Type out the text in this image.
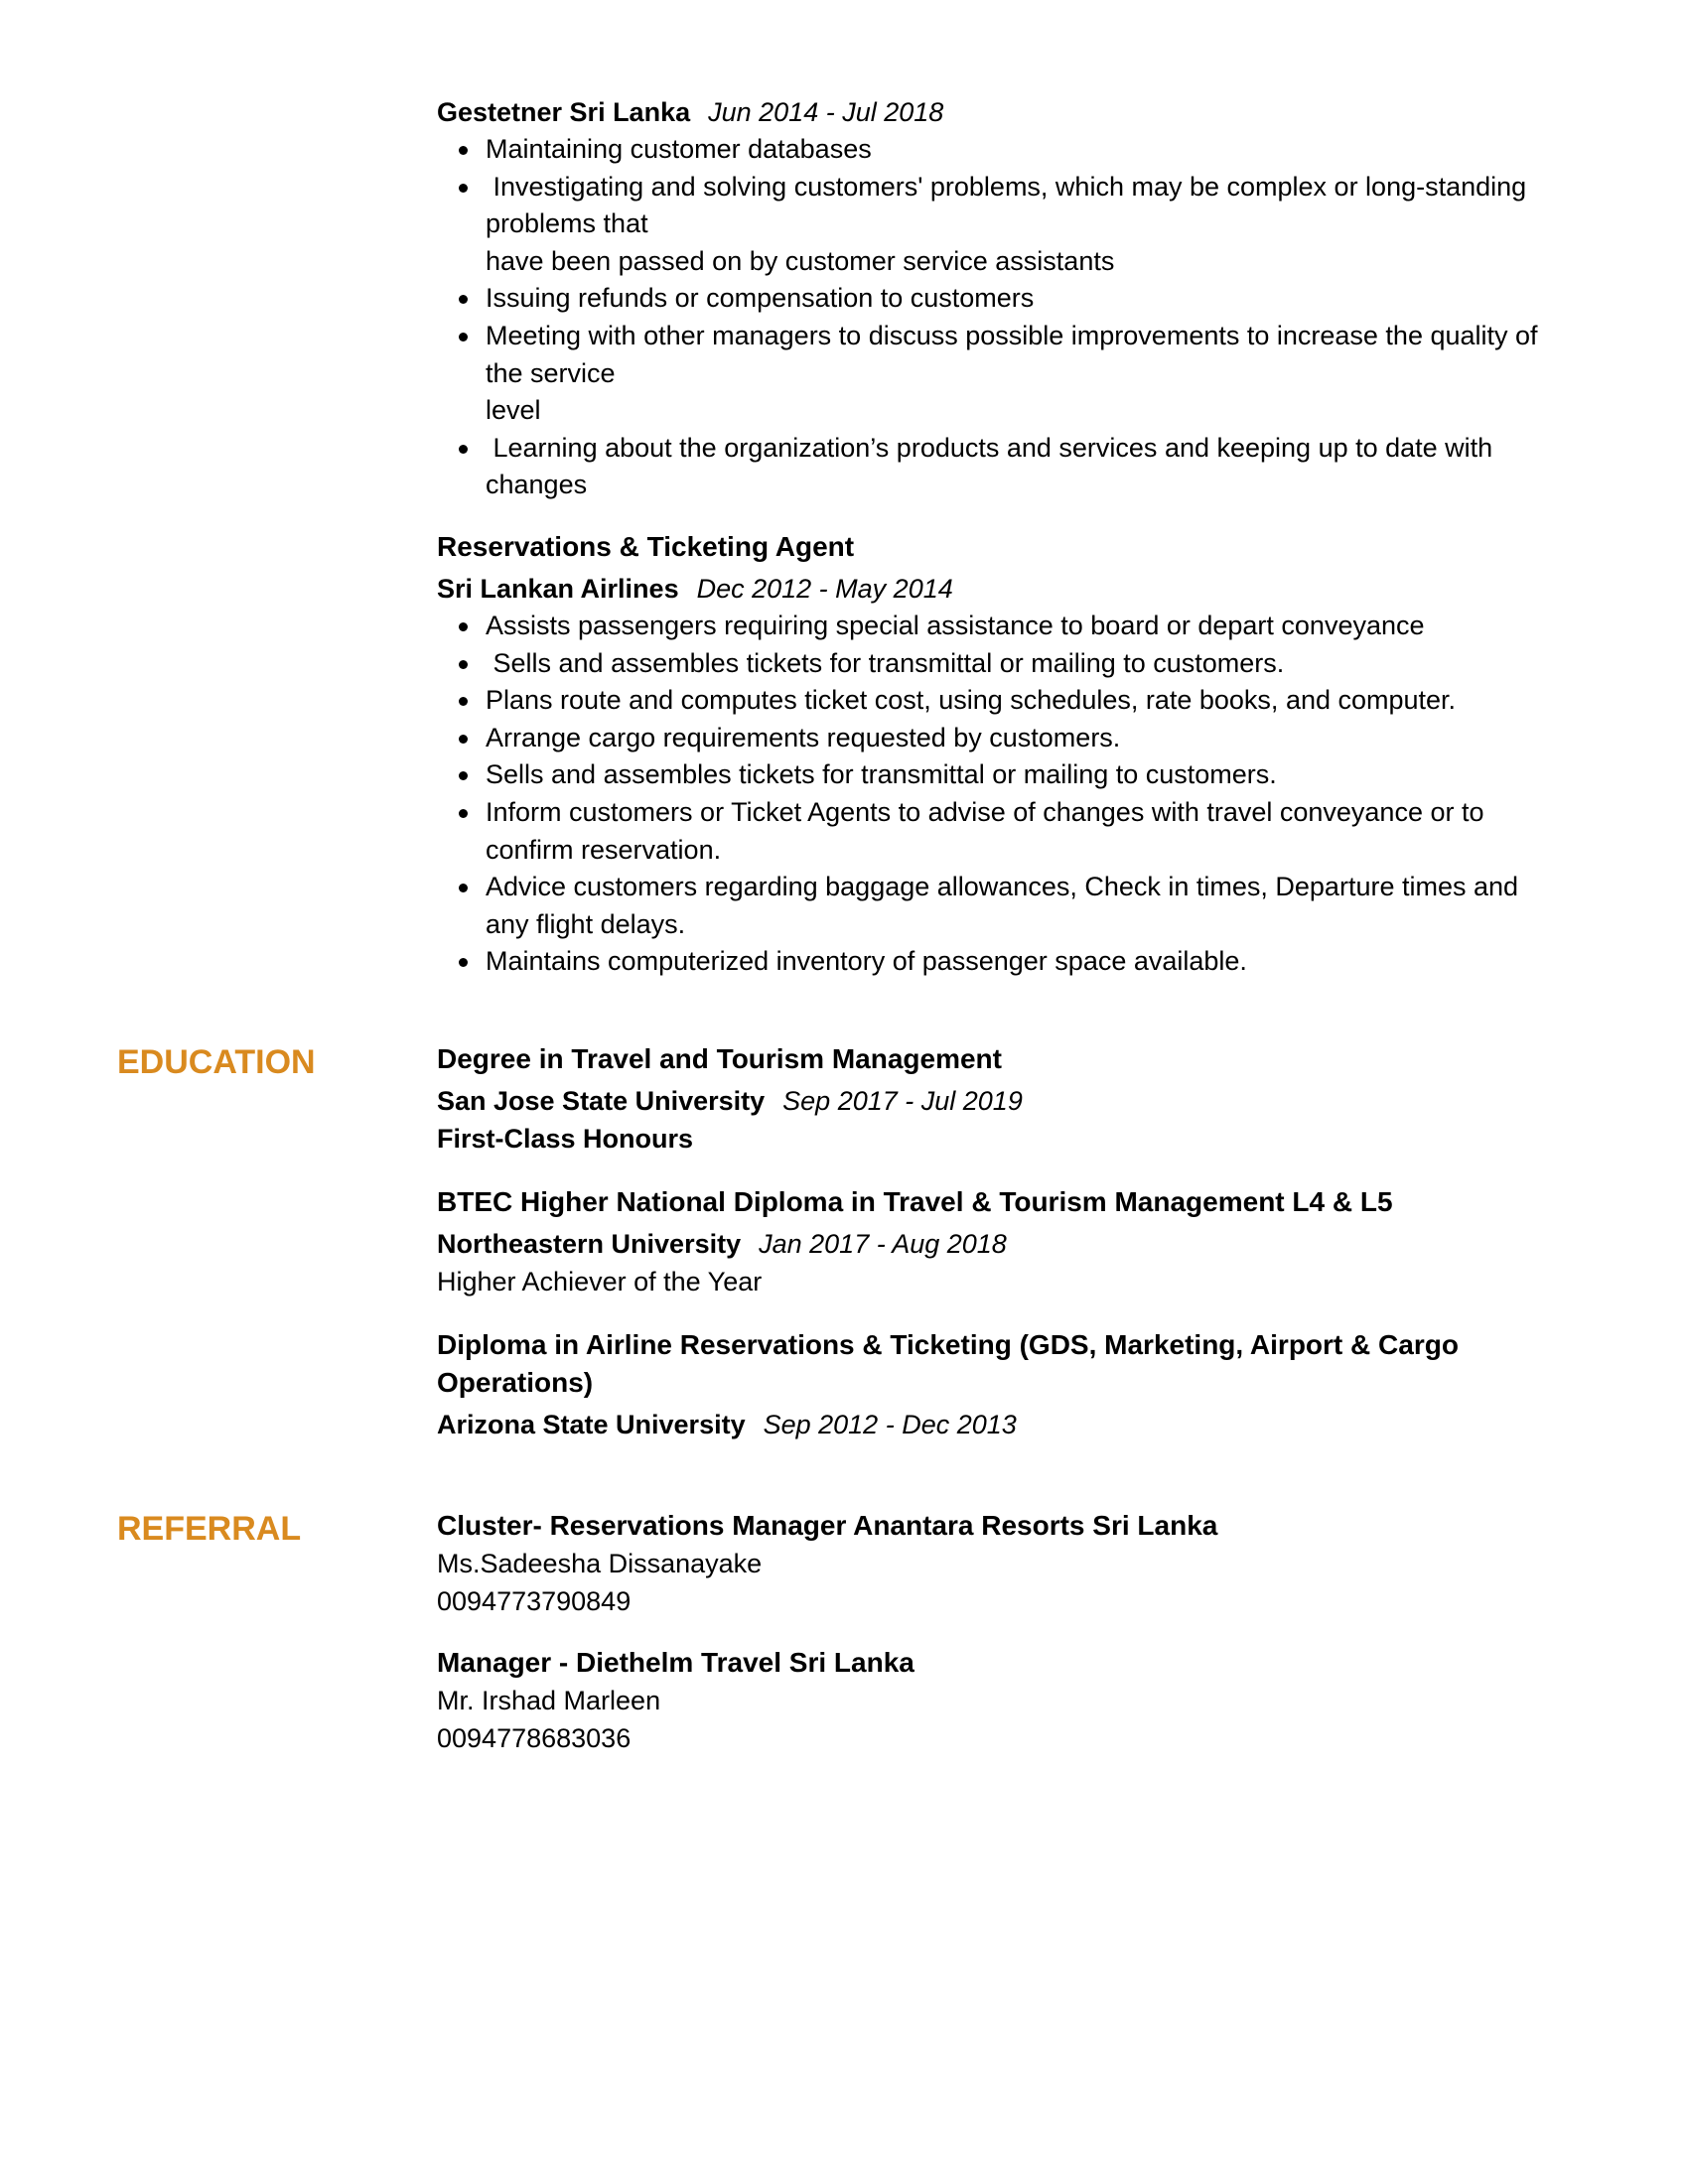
Gestetner Sri Lanka Jun 2014 - Jul 2018

Maintaining customer databases
Investigating and solving customers' problems, which may be complex or long-standing problems that
have been passed on by customer service assistants
Issuing refunds or compensation to customers
Meeting with other managers to discuss possible improvements to increase the quality of the service
level
Learning about the organization’s products and services and keeping up to date with changes

Reservations & Ticketing Agent

Sri Lankan Airlines Dec 2012 - May 2014

Assists passengers requiring special assistance to board or depart conveyance
Sells and assembles tickets for transmittal or mailing to customers.
Plans route and computes ticket cost, using schedules, rate books, and computer.
Arrange cargo requirements requested by customers.
Sells and assembles tickets for transmittal or mailing to customers.
Inform customers or Ticket Agents to advise of changes with travel conveyance or to confirm reservation.
Advice customers regarding baggage allowances, Check in times, Departure times and any flight delays.
Maintains computerized inventory of passenger space available.
EDUCATION	Degree in Travel and Tourism Management

San Jose State University Sep 2017 - Jul 2019

First-Class Honours

BTEC Higher National Diploma in Travel & Tourism Management L4 & L5

Northeastern University Jan 2017 - Aug 2018

Higher Achiever of the Year

Diploma in Airline Reservations & Ticketing (GDS, Marketing, Airport & Cargo Operations)

Arizona State University Sep 2012 - Dec 2013

REFERRAL	Cluster- Reservations Manager Anantara Resorts Sri Lanka

Ms.Sadeesha Dissanayake

0094773790849

Manager - Diethelm Travel Sri Lanka

Mr. Irshad Marleen

0094778683036
